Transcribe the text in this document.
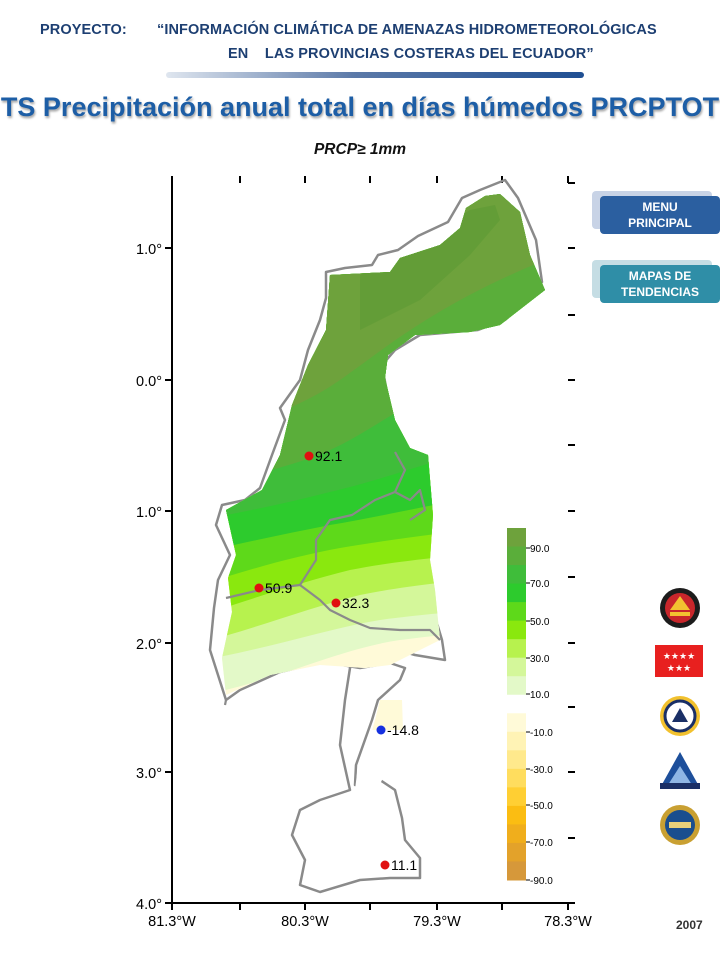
PROYECTO: “INFORMACIÓN CLIMÁTICA DE AMENAZAS HIDROMETEOROLÓGICAS
EN    LAS PROVINCIAS COSTERAS DEL ECUADOR”
TS Precipitación anual total en días húmedos PRCPTOT
PRCP≥ 1mm
MENU
PRINCIPAL
MAPAS DE
TENDENCIAS
1.0°
0.0°
1.0°
2.0°
3.0°
4.0°
81.3°W	80.3°W	79.3°W	78.3°W
92.1
50.9
32.3
-14.8
11.1
90.0
70.0
50.0
30.0
10.0
-10.0
-30.0
-50.0
-70.0
-90.0
★★★★
★★★
2007
